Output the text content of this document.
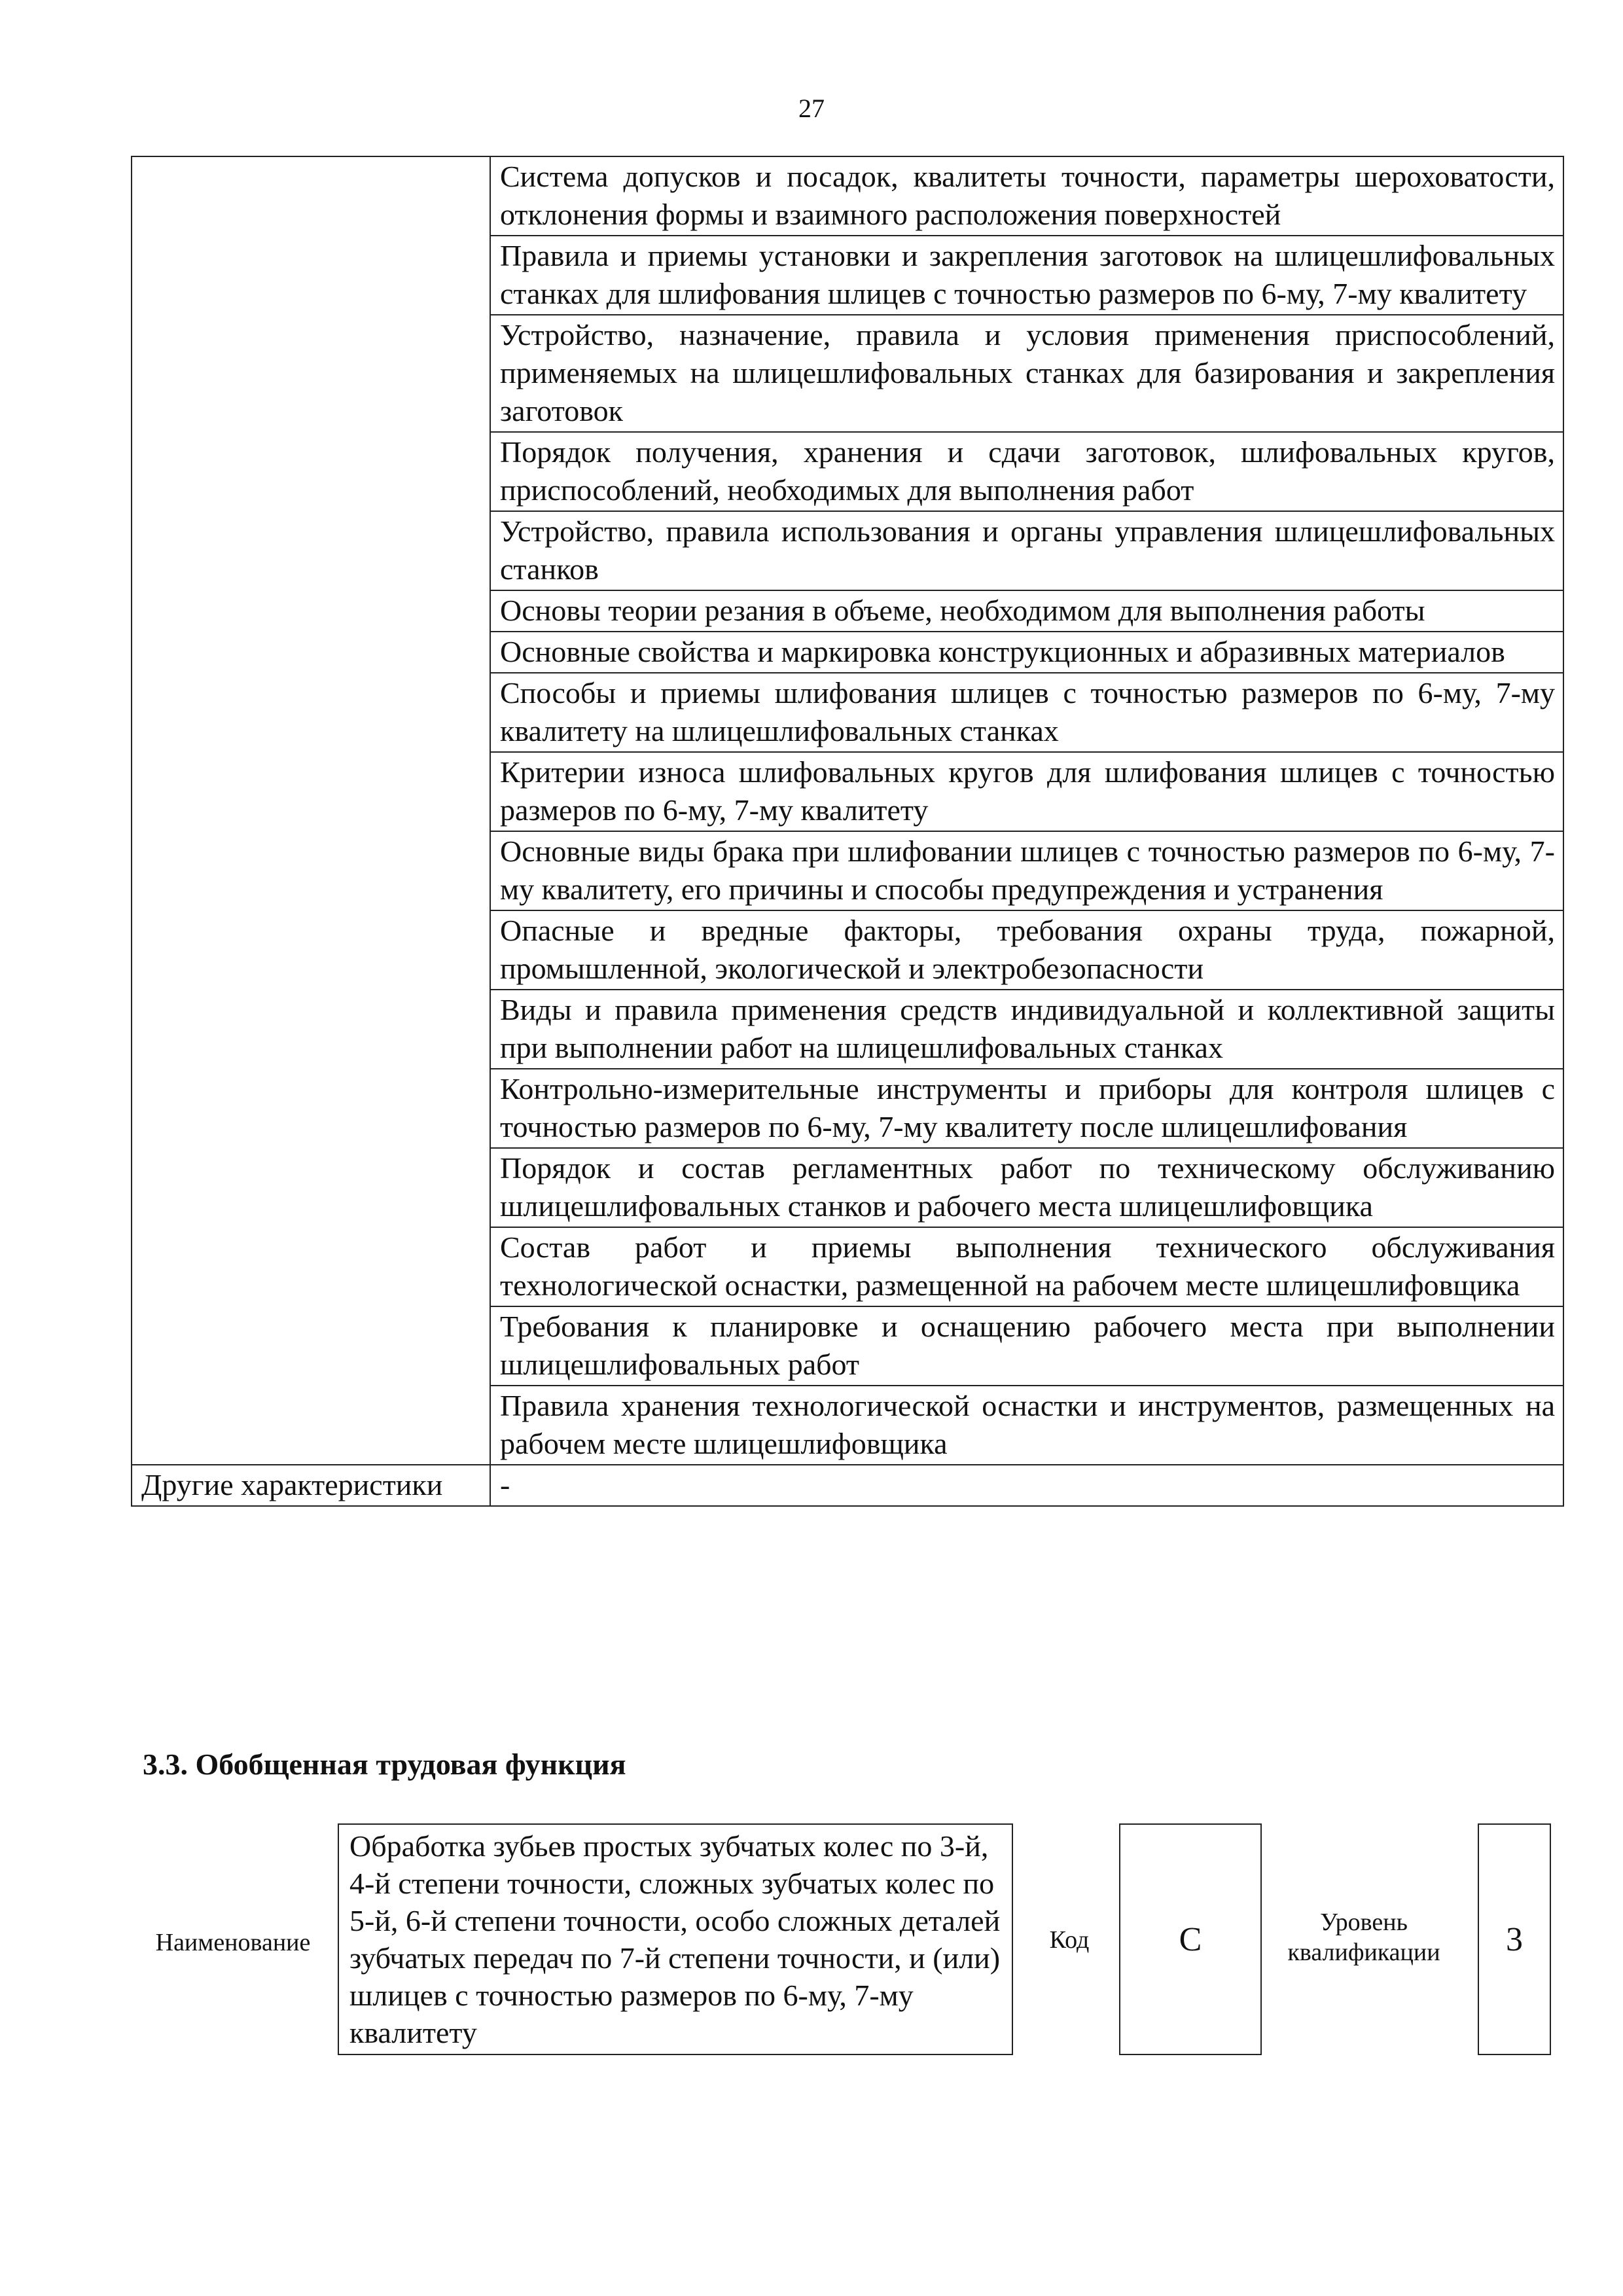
27
	Система допусков и посадок, квалитеты точности, параметры шероховатости, отклонения формы и взаимного расположения поверхностей
	Правила и приемы установки и закрепления заготовок на шлицешлифовальных станках для шлифования шлицев с точностью размеров по 6-му, 7-му квалитету
	Устройство, назначение, правила и условия применения приспособлений, применяемых на шлицешлифовальных станках для базирования и закрепления заготовок
	Порядок получения, хранения и сдачи заготовок, шлифовальных кругов, приспособлений, необходимых для выполнения работ
	Устройство, правила использования и органы управления шлицешлифовальных станков
	Основы теории резания в объеме, необходимом для выполнения работы
	Основные свойства и маркировка конструкционных и абразивных материалов
	Способы и приемы шлифования шлицев с точностью размеров по 6-му, 7-му квалитету на шлицешлифовальных станках
	Критерии износа шлифовальных кругов для шлифования шлицев с точностью размеров по 6-му, 7-му квалитету
	Основные виды брака при шлифовании шлицев с точностью размеров по 6-му, 7-му квалитету, его причины и способы предупреждения и устранения
	Опасные и вредные факторы, требования охраны труда, пожарной, промышленной, экологической и электробезопасности
	Виды и правила применения средств индивидуальной и коллективной защиты при выполнении работ на шлицешлифовальных станках
	Контрольно-измерительные инструменты и приборы для контроля шлицев с точностью размеров по 6-му, 7-му квалитету после шлицешлифования
	Порядок и состав регламентных работ по техническому обслуживанию шлицешлифовальных станков и рабочего места шлицешлифовщика
	Состав работ и приемы выполнения технического обслуживания технологической оснастки, размещенной на рабочем месте шлицешлифовщика
	Требования к планировке и оснащению рабочего места при выполнении шлицешлифовальных работ
	Правила хранения технологической оснастки и инструментов, размещенных на рабочем месте шлицешлифовщика
Другие характеристики	-
3.3. Обобщенная трудовая функция
Наименование
Обработка зубьев простых зубчатых колес по 3-й, 4-й степени точности, сложных зубчатых колес по 5-й, 6-й степени точности, особо сложных деталей зубчатых передач по 7-й степени точности, и (или) шлицев с точностью размеров по 6-му, 7-му квалитету
Код	C	Уровень квалификации	3
